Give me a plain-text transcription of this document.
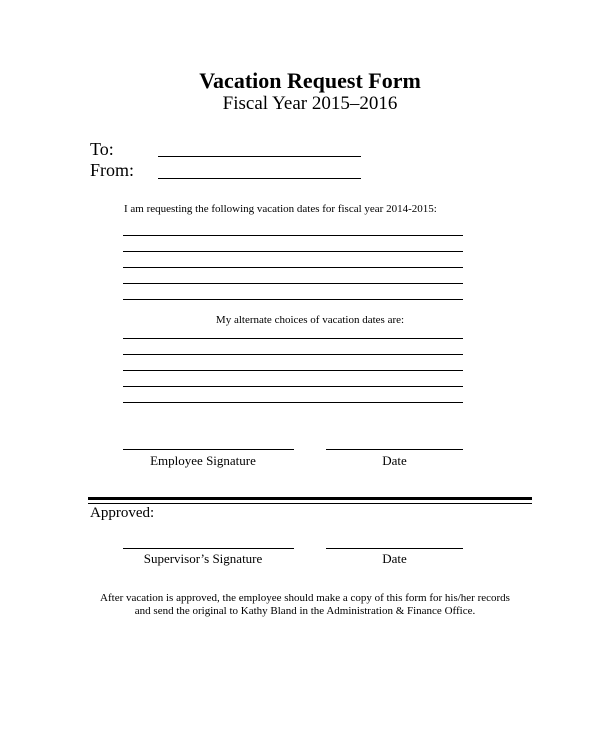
Vacation Request Form
Fiscal Year 2015–2016
To:
From:
I am requesting the following vacation dates for fiscal year 2014-2015:
My alternate choices of vacation dates are:
Employee Signature	Date
Approved:
Supervisor’s Signature	Date
After vacation is approved, the employee should make a copy of this form for his/her records
and send the original to Kathy Bland in the Administration & Finance Office.
